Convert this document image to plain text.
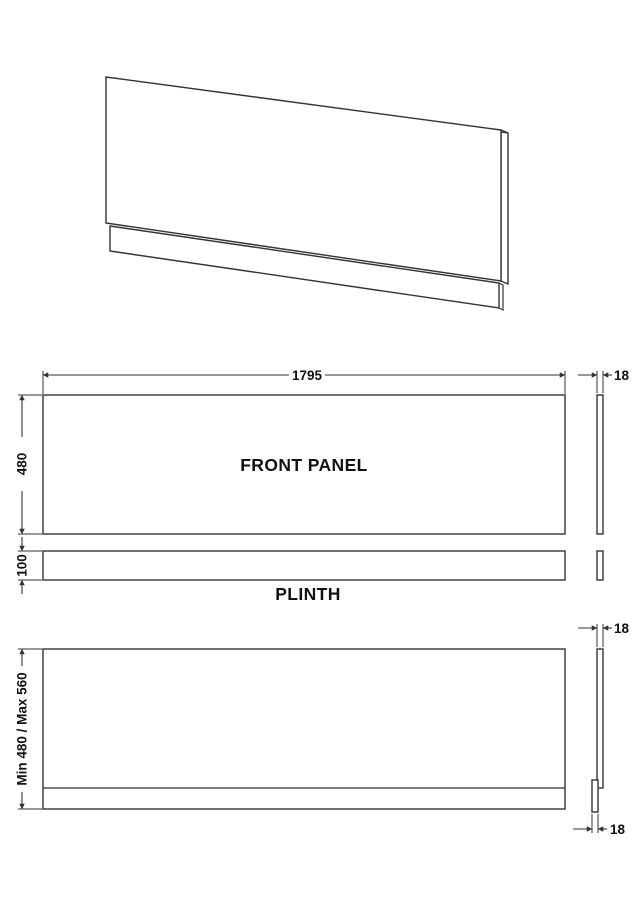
FRONT PANEL
1795
480
PLINTH
100
18
Min 480 / Max 560
18
18
